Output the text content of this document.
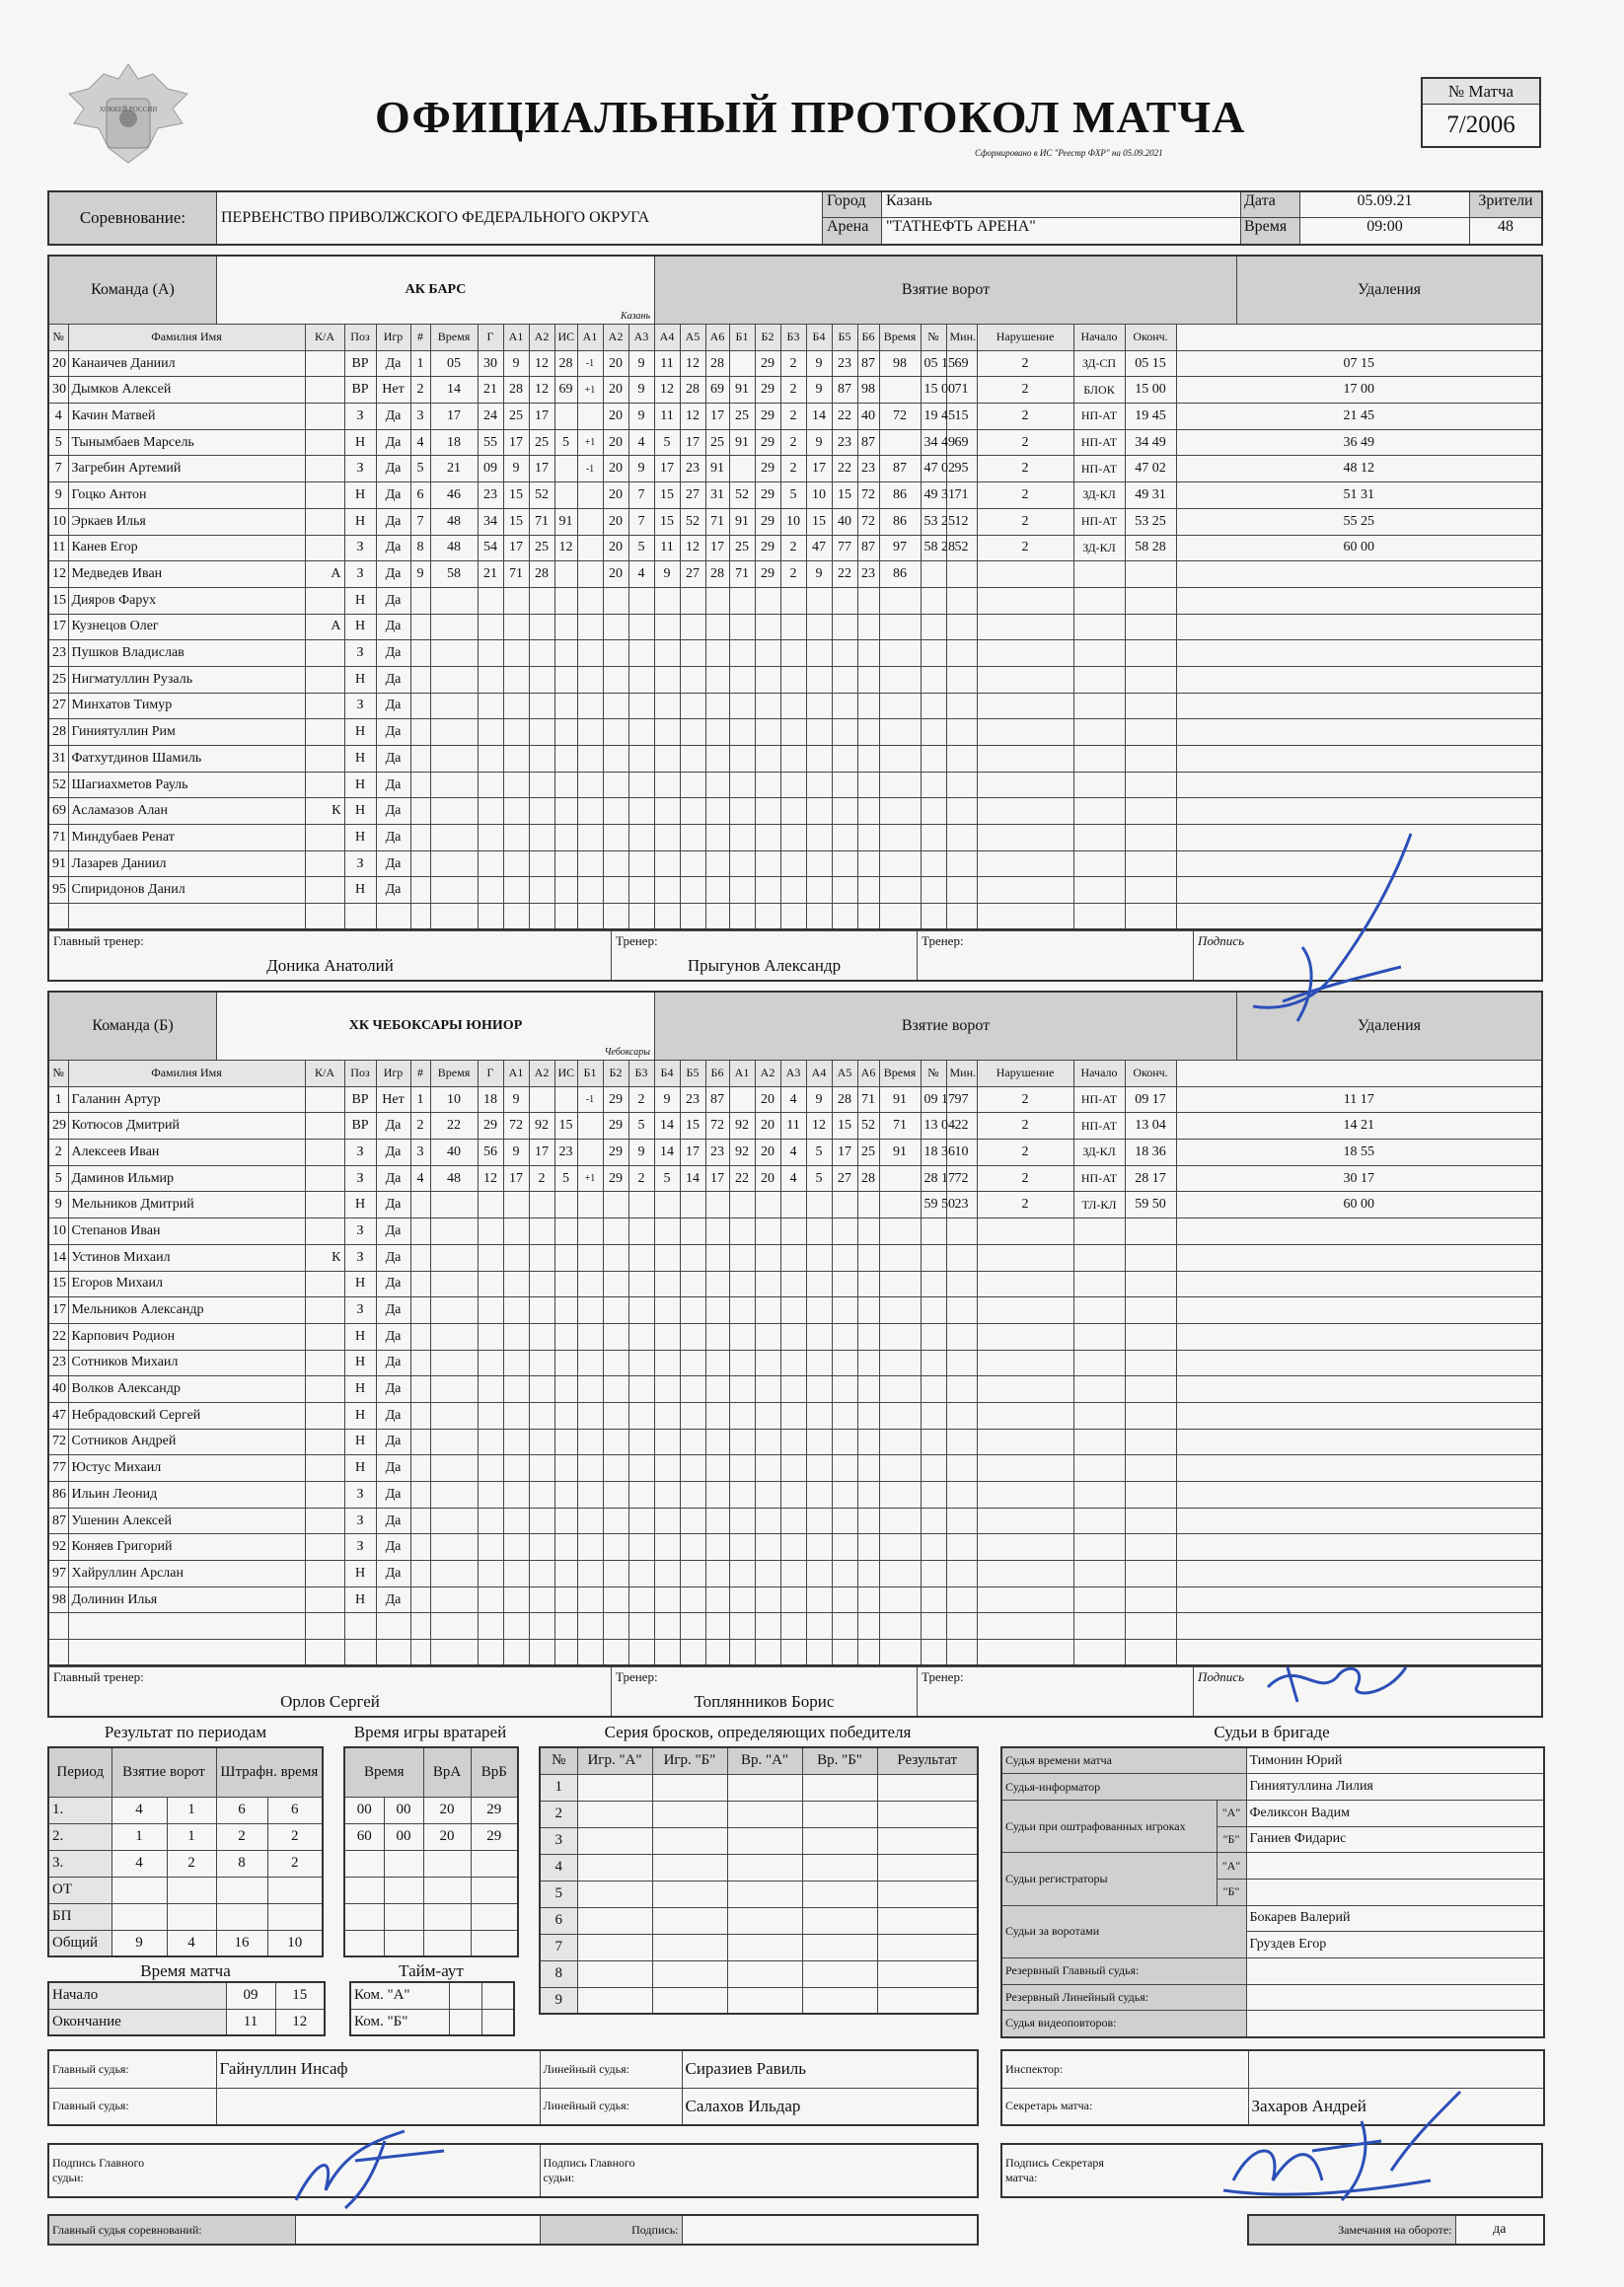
ХОККЕЙ РОССИИ	ОФИЦИАЛЬНЫЙ ПРОТОКОЛ МАТЧА
Сформировано в ИС "Реестр ФХР" на 05.09.2021
№ Матча
7/2006
Соревнование:	ПЕРВЕНСТВО ПРИВОЛЖСКОГО ФЕДЕРАЛЬНОГО ОКРУГА
Город	Казань
Арена	"ТАТНЕФТЬ АРЕНА"
Дата	05.09.21
Время	09:00
Зрители
48
Команда (А)	АК БАРС
Казань
Взятие ворот	Удаления
№	Фамилия Имя	К/А	Поз	Игр	#	Время	Г	A1	A2	ИС	А1	А2	А3	А4	А5	А6	Б1	Б2	Б3	Б4	Б5	Б6	Время	№	Мин.	Нарушение	Начало	Оконч.	
20	Канаичев Даниил		ВР	Да	1	05	30	9	12	28	-1	20	9	11	12	28		29	2	9	23	87	98	05 15	69	2	ЗД-СП	05 15	07 15
30	Дымков Алексей		ВР	Нет	2	14	21	28	12	69	+1	20	9	12	28	69	91	29	2	9	87	98		15 00	71	2	БЛОК	15 00	17 00
4	Качин Матвей		З	Да	3	17	24	25	17			20	9	11	12	17	25	29	2	14	22	40	72	19 45	15	2	НП-АТ	19 45	21 45
5	Тынымбаев Марсель		Н	Да	4	18	55	17	25	5	+1	20	4	5	17	25	91	29	2	9	23	87		34 49	69	2	НП-АТ	34 49	36 49
7	Загребин Артемий		З	Да	5	21	09	9	17		-1	20	9	17	23	91		29	2	17	22	23	87	47 02	95	2	НП-АТ	47 02	48 12
9	Гоцко Антон		Н	Да	6	46	23	15	52			20	7	15	27	31	52	29	5	10	15	72	86	49 31	71	2	ЗД-КЛ	49 31	51 31
10	Эркаев Илья		Н	Да	7	48	34	15	71	91		20	7	15	52	71	91	29	10	15	40	72	86	53 25	12	2	НП-АТ	53 25	55 25
11	Канев Егор		З	Да	8	48	54	17	25	12		20	5	11	12	17	25	29	2	47	77	87	97	58 28	52	2	ЗД-КЛ	58 28	60 00
12	Медведев Иван	А	З	Да	9	58	21	71	28			20	4	9	27	28	71	29	2	9	22	23	86						
15	Дияров Фарух		Н	Да																									
17	Кузнецов Олег	А	Н	Да																									
23	Пушков Владислав		З	Да																									
25	Нигматуллин Рузаль		Н	Да																									
27	Минхатов Тимур		З	Да																									
28	Гиниятуллин Рим		Н	Да																									
31	Фатхутдинов Шамиль		Н	Да																									
52	Шагиахметов Рауль		Н	Да																									
69	Асламазов Алан	К	Н	Да																									
71	Миндубаев Ренат		Н	Да																									
91	Лазарев Даниил		З	Да																									
95	Спиридонов Данил		Н	Да																									

Главный тренер:
Доника Анатолий
Тренер:
Прыгунов Александр
Тренер:	Подпись
Команда (Б)	ХК ЧЕБОКСАРЫ ЮНИОР
Чебоксары
Взятие ворот	Удаления
№	Фамилия Имя	К/А	Поз	Игр	#	Время	Г	A1	A2	ИС	Б1	Б2	Б3	Б4	Б5	Б6	А1	А2	А3	А4	А5	А6	Время	№	Мин.	Нарушение	Начало	Оконч.	
1	Галанин Артур		ВР	Нет	1	10	18	9			-1	29	2	9	23	87		20	4	9	28	71	91	09 17	97	2	НП-АТ	09 17	11 17
29	Котюсов Дмитрий		ВР	Да	2	22	29	72	92	15		29	5	14	15	72	92	20	11	12	15	52	71	13 04	22	2	НП-АТ	13 04	14 21
2	Алексеев Иван		З	Да	3	40	56	9	17	23		29	9	14	17	23	92	20	4	5	17	25	91	18 36	10	2	ЗД-КЛ	18 36	18 55
5	Даминов Ильмир		З	Да	4	48	12	17	2	5	+1	29	2	5	14	17	22	20	4	5	27	28		28 17	72	2	НП-АТ	28 17	30 17
9	Мельников Дмитрий		Н	Да																				59 50	23	2	ТЛ-КЛ	59 50	60 00
10	Степанов Иван		З	Да																									
14	Устинов Михаил	К	З	Да																									
15	Егоров Михаил		Н	Да																									
17	Мельников Александр		З	Да																									
22	Карпович Родион		Н	Да																									
23	Сотников Михаил		Н	Да																									
40	Волков Александр		Н	Да																									
47	Небрадовский Сергей		Н	Да																									
72	Сотников Андрей		Н	Да																									
77	Юстус Михаил		Н	Да																									
86	Ильин Леонид		З	Да																									
87	Ушенин Алексей		З	Да																									
92	Коняев Григорий		З	Да																									
97	Хайруллин Арслан		Н	Да																									
98	Долинин Илья		Н	Да																									

Главный тренер:
Орлов Сергей
Тренер:
Топлянников Борис
Тренер:	Подпись
Результат по периодам
Период	Взятие ворот		Штрафн. время	
1.	4	1	6	6
2.	1	1	2	2
3.	4	2	8	2
ОТ				
БП				
Общий	9	4	16	10
Время игры вратарей
Время		ВрА	ВрБ
00	00	20	29
60	00	20	29

Время матча
Начало	09	15
Окончание	11	12
Тайм-аут
Ком. "А"		
Ком. "Б"		
Серия бросков, определяющих победителя
№	Игр. "А"	Игр. "Б"	Вр. "А"	Вр. "Б"	Результат
1					
2					
3					
4					
5					
6					
7					
8					
9					
Судьи в бригаде
Судья времени матча		Тимонин Юрий
Судья-информатор		Гиниятуллина Лилия
Судьи при оштрафованных игроках	"А"	Феликсон Вадим
	"Б"	Ганиев Фидарис
Судьи регистраторы	"А"	
	"Б"	
Судьи за воротами		Бокарев Валерий
		Груздев Егор
Резервный Главный судья:		
Резервный Линейный судья:		
Судья видеоповторов:		
Главный судья:	Гайнуллин Инсаф	Линейный судья:	Сиразиев Равиль
Главный судья:		Линейный судья:	Салахов Ильдар
Инспектор:	
Секретарь матча:	Захаров Андрей
Подпись Главного судьи:

Подпись Главного судьи:
Подпись Секретаря матча:
Главный судья соревнований:		Подпись:		Замечания на обороте:	да
